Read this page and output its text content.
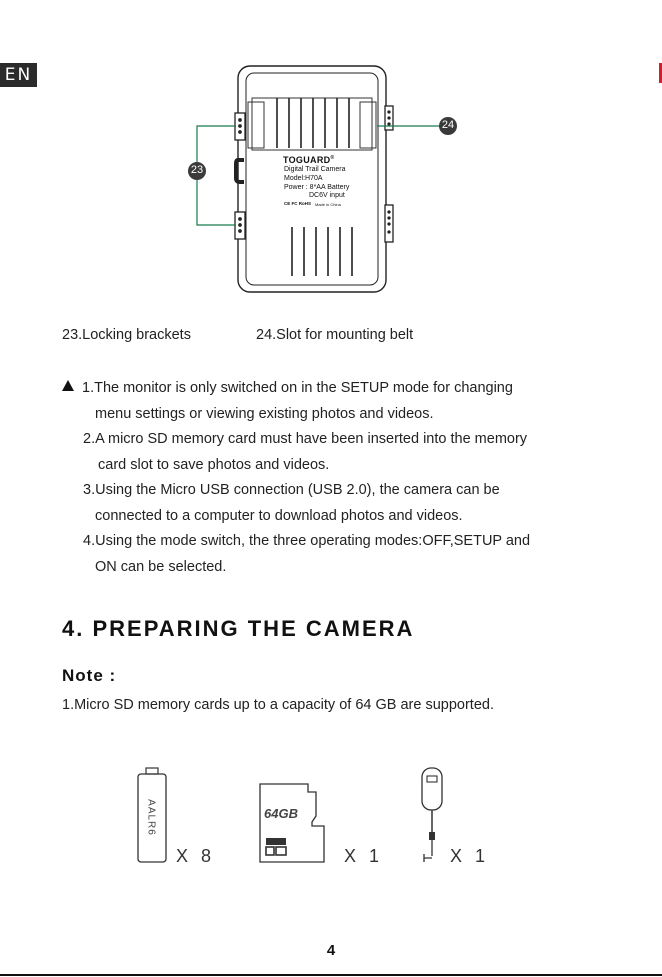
EN
23
24
TOGUARD®
Digital Trail Camera
Model:H70A
Power : 8*AA Battery
DC6V input
CE FC RoHS Made in China
23.Locking brackets	24.Slot for mounting belt
1.The monitor is only switched on in the SETUP mode for changing
menu settings or viewing existing photos and videos.
2.A micro SD memory card must have been inserted into the memory
card slot to save photos and videos.
3.Using the Micro USB connection (USB 2.0), the camera can be
connected to a computer to download photos and videos.
4.Using the mode switch, the three operating modes:OFF,SETUP and
ON can be selected.
4. PREPARING THE CAMERA
Note :
1.Micro SD memory cards up to a capacity of 64 GB are supported.
AALR6
X 8
64GB
X 1	X 1
4
